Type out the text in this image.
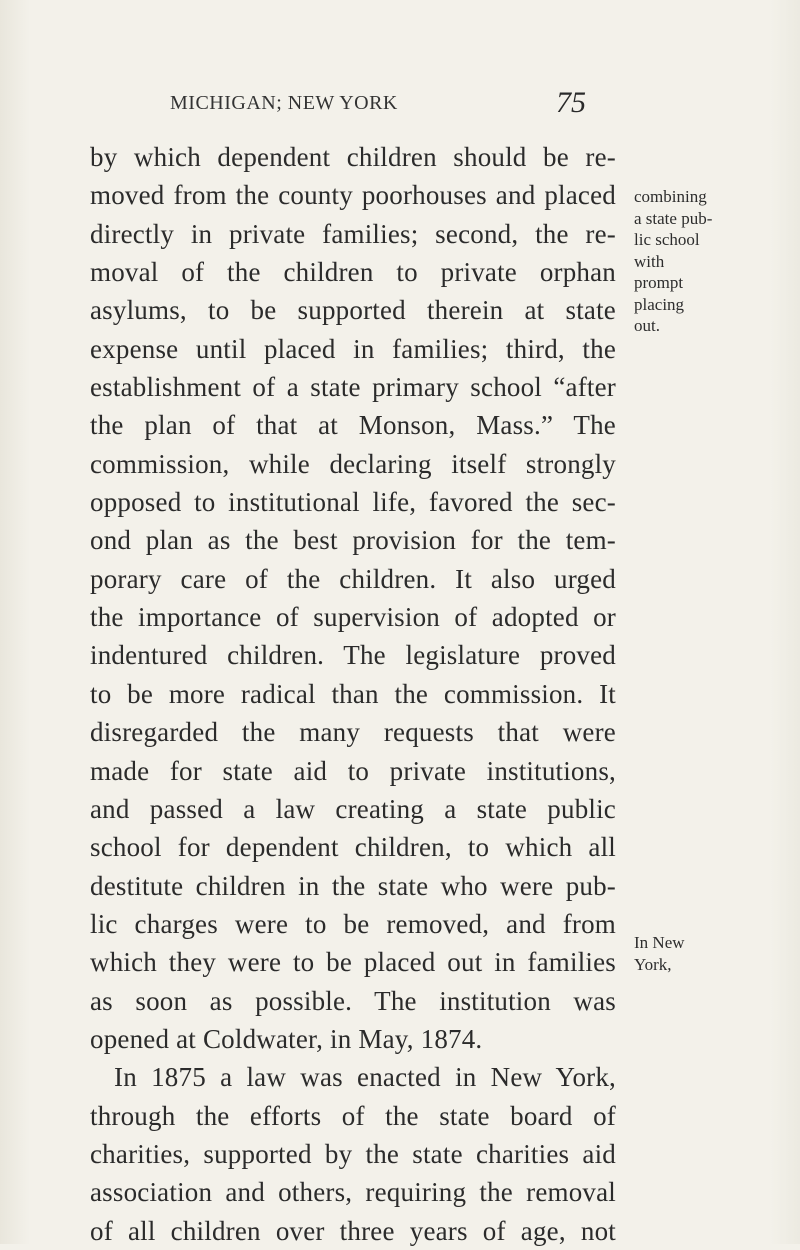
MICHIGAN; NEW YORK	75
by which dependent children should be re-
moved from the county poorhouses and placed
directly in private families; second, the re-
moval of the children to private orphan
asylums, to be supported therein at state
expense until placed in families; third, the
establishment of a state primary school “after
the plan of that at Monson, Mass.” The
commission, while declaring itself strongly
opposed to institutional life, favored the sec-
ond plan as the best provision for the tem-
porary care of the children. It also urged
the importance of supervision of adopted or
indentured children. The legislature proved
to be more radical than the commission. It
disregarded the many requests that were
made for state aid to private institutions,
and passed a law creating a state public
school for dependent children, to which all
destitute children in the state who were pub-
lic charges were to be removed, and from
which they were to be placed out in families
as soon as possible. The institution was
opened at Coldwater, in May, 1874.
In 1875 a law was enacted in New York,
through the efforts of the state board of
charities, supported by the state charities aid
association and others, requiring the removal
of all children over three years of age, not
combining
a state pub-
lic school
with
prompt
placing
out.
In New
York,
